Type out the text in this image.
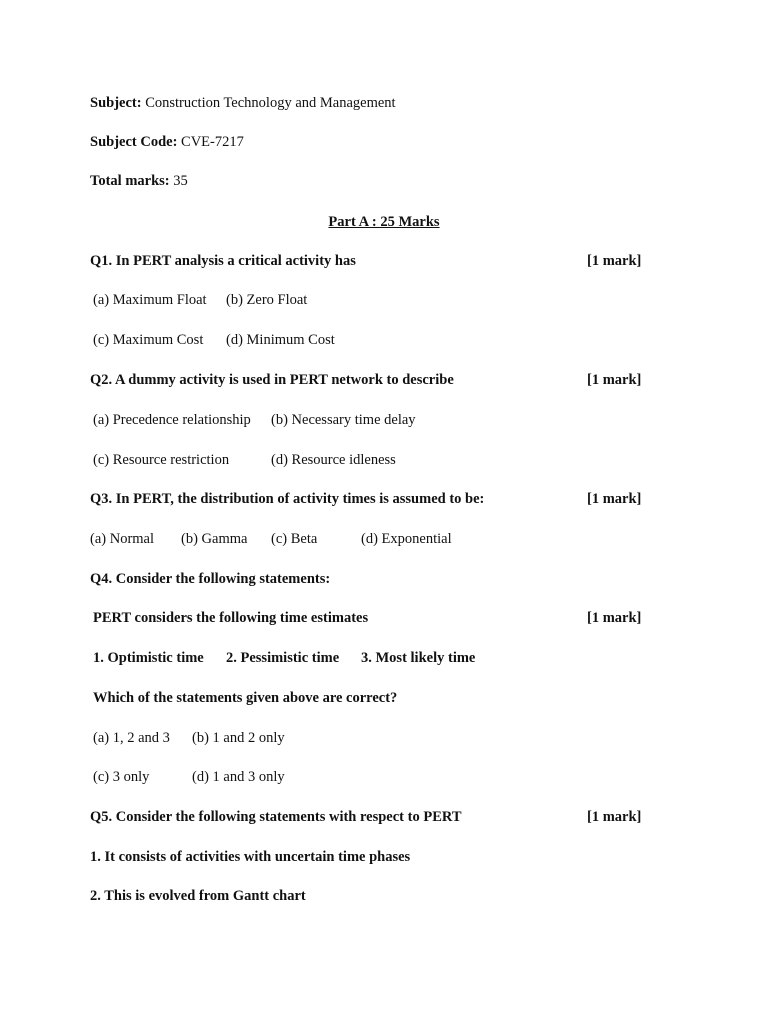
Subject: Construction Technology and Management
Subject Code: CVE-7217
Total marks: 35
Part A : 25 Marks
Q1. In PERT analysis a critical activity has	[1 mark]
(a) Maximum Float (b) Zero Float
(c) Maximum Cost (d) Minimum Cost
Q2. A dummy activity is used in PERT network to describe	[1 mark]
(a) Precedence relationship (b) Necessary time delay
(c) Resource restriction	(d) Resource idleness
Q3. In PERT, the distribution of activity times is assumed to be:	[1 mark]
(a) Normal (b) Gamma (c) Beta	(d) Exponential
Q4. Consider the following statements:
PERT considers the following time estimates	[1 mark]
1. Optimistic time 2. Pessimistic time 3. Most likely time
Which of the statements given above are correct?
(a) 1, 2 and 3 (b) 1 and 2 only
(c) 3 only	(d) 1 and 3 only
Q5. Consider the following statements with respect to PERT	[1 mark]
1. It consists of activities with uncertain time phases
2. This is evolved from Gantt chart
